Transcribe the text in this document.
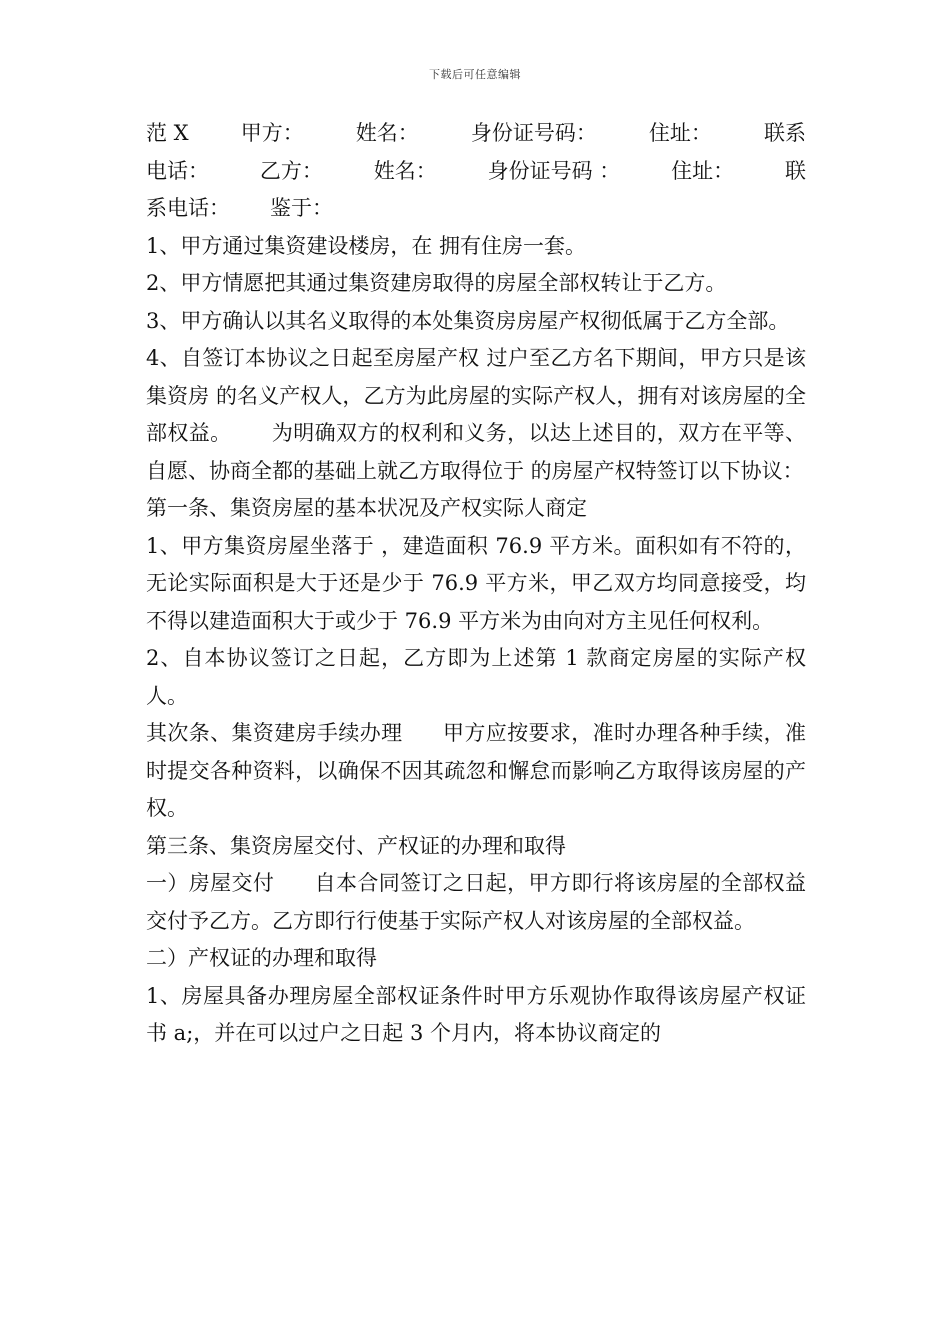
下载后可任意编辑
范 X 甲方： 姓名： 身份证号码： 住址： 联系
电话： 乙方： 姓名： 身份证号码 ： 住址： 联
系电话： 鉴于：

1、甲方通过集资建设楼房，在 拥有住房一套。

2、甲方情愿把其通过集资建房取得的房屋全部权转让于乙方。

3、甲方确认以其名义取得的本处集资房房屋产权彻低属于乙方全部。

4、自签订本协议之日起至房屋产权 过户至乙方名下期间，甲方只是该集资房 的名义产权人，乙方为此房屋的实际产权人，拥有对该房屋的全部权益。 为明确双方的权利和义务，以达上述目的，双方在平等、自愿、协商全都的基础上就乙方取得位于 的房屋产权特签订以下协议：

第一条、集资房屋的基本状况及产权实际人商定

1、甲方集资房屋坐落于 ，建造面积 76.9 平方米。面积如有不符的，无论实际面积是大于还是少于 76.9 平方米，甲乙双方均同意接受，均不得以建造面积大于或少于 76.9 平方米为由向对方主见任何权利。

2、自本协议签订之日起，乙方即为上述第 1 款商定房屋的实际产权人。

其次条、集资建房手续办理 甲方应按要求，准时办理各种手续，准时提交各种资料，以确保不因其疏忽和懈怠而影响乙方取得该房屋的产权。

第三条、集资房屋交付、产权证的办理和取得

一）房屋交付 自本合同签订之日起，甲方即行将该房屋的全部权益交付予乙方。乙方即行行使基于实际产权人对该房屋的全部权益。

二）产权证的办理和取得

1、房屋具备办理房屋全部权证条件时甲方乐观协作取得该房屋产权证书 a;，并在可以过户之日起 3 个月内，将本协议商定的
